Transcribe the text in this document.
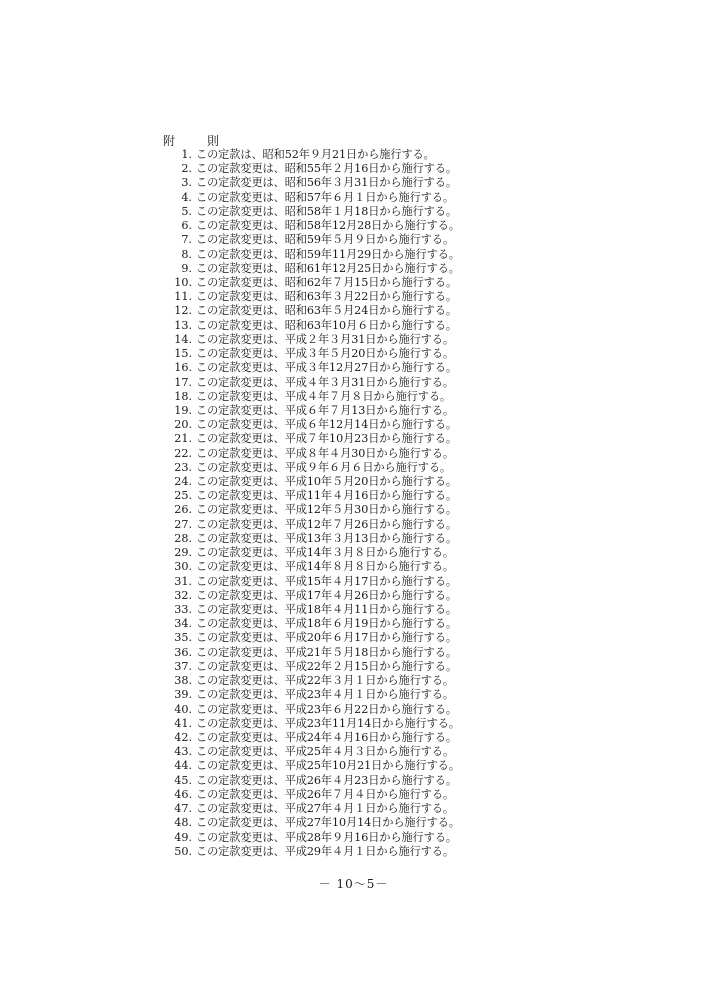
附　則
1. この定款は、昭和52年９月21日から施行する。
2. この定款変更は、昭和55年２月16日から施行する。
3. この定款変更は、昭和56年３月31日から施行する。
4. この定款変更は、昭和57年６月１日から施行する。
5. この定款変更は、昭和58年１月18日から施行する。
6. この定款変更は、昭和58年12月28日から施行する。
7. この定款変更は、昭和59年５月９日から施行する。
8. この定款変更は、昭和59年11月29日から施行する。
9. この定款変更は、昭和61年12月25日から施行する。
10. この定款変更は、昭和62年７月15日から施行する。
11. この定款変更は、昭和63年３月22日から施行する。
12. この定款変更は、昭和63年５月24日から施行する。
13. この定款変更は、昭和63年10月６日から施行する。
14. この定款変更は、平成２年３月31日から施行する。
15. この定款変更は、平成３年５月20日から施行する。
16. この定款変更は、平成３年12月27日から施行する。
17. この定款変更は、平成４年３月31日から施行する。
18. この定款変更は、平成４年７月８日から施行する。
19. この定款変更は、平成６年７月13日から施行する。
20. この定款変更は、平成６年12月14日から施行する。
21. この定款変更は、平成７年10月23日から施行する。
22. この定款変更は、平成８年４月30日から施行する。
23. この定款変更は、平成９年６月６日から施行する。
24. この定款変更は、平成10年５月20日から施行する。
25. この定款変更は、平成11年４月16日から施行する。
26. この定款変更は、平成12年５月30日から施行する。
27. この定款変更は、平成12年７月26日から施行する。
28. この定款変更は、平成13年３月13日から施行する。
29. この定款変更は、平成14年３月８日から施行する。
30. この定款変更は、平成14年８月８日から施行する。
31. この定款変更は、平成15年４月17日から施行する。
32. この定款変更は、平成17年４月26日から施行する。
33. この定款変更は、平成18年４月11日から施行する。
34. この定款変更は、平成18年６月19日から施行する。
35. この定款変更は、平成20年６月17日から施行する。
36. この定款変更は、平成21年５月18日から施行する。
37. この定款変更は、平成22年２月15日から施行する。
38. この定款変更は、平成22年３月１日から施行する。
39. この定款変更は、平成23年４月１日から施行する。
40. この定款変更は、平成23年６月22日から施行する。
41. この定款変更は、平成23年11月14日から施行する。
42. この定款変更は、平成24年４月16日から施行する。
43. この定款変更は、平成25年４月３日から施行する。
44. この定款変更は、平成25年10月21日から施行する。
45. この定款変更は、平成26年４月23日から施行する。
46. この定款変更は、平成26年７月４日から施行する。
47. この定款変更は、平成27年４月１日から施行する。
48. この定款変更は、平成27年10月14日から施行する。
49. この定款変更は、平成28年９月16日から施行する。
50. この定款変更は、平成29年４月１日から施行する。
－ 10～5－
